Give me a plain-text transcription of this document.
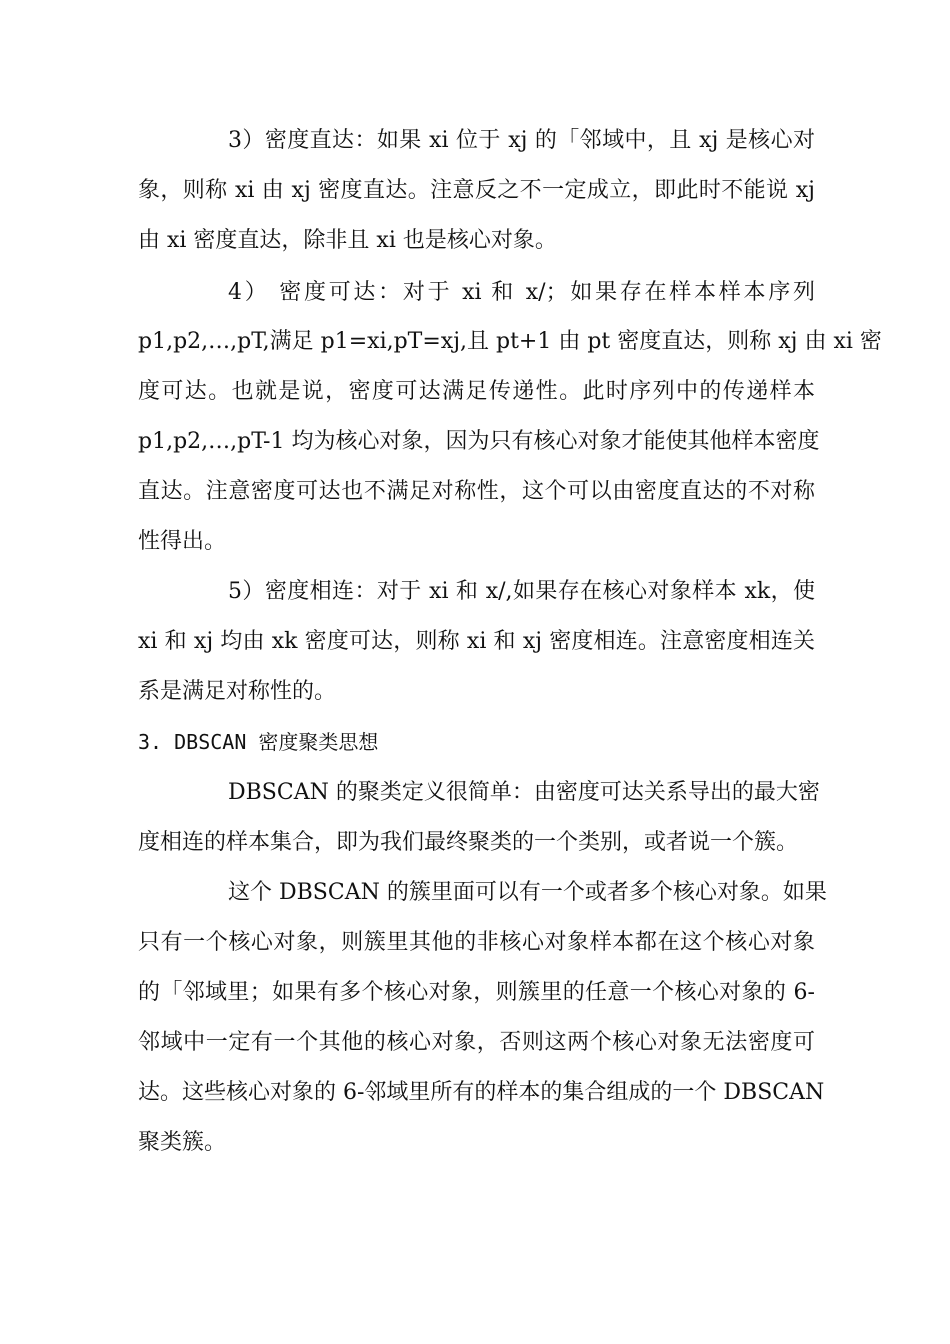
3）密度直达：如果 xi 位于 xj 的「邻域中，且 xj 是核心对
象，则称 xi 由 xj 密度直达。注意反之不一定成立，即此时不能说 xj
由 xi 密度直达，除非且 xi 也是核心对象。
4） 密度可达：对于 xi 和 x/；如果存在样本样本序列
p1,p2,…,pT,满足 p1=xi,pT=xj,且 pt+1 由 pt 密度直达，则称 xj 由 xi 密
度可达。也就是说，密度可达满足传递性。此时序列中的传递样本
p1,p2,…,pT-1 均为核心对象，因为只有核心对象才能使其他样本密度
直达。注意密度可达也不满足对称性，这个可以由密度直达的不对称
性得出。
5）密度相连：对于 xi 和 x/,如果存在核心对象样本 xk，使
xi 和 xj 均由 xk 密度可达，则称 xi 和 xj 密度相连。注意密度相连关
系是满足对称性的。
3. DBSCAN 密度聚类思想
DBSCAN 的聚类定义很简单：由密度可达关系导出的最大密
度相连的样本集合，即为我们最终聚类的一个类别，或者说一个簇。
这个 DBSCAN 的簇里面可以有一个或者多个核心对象。如果
只有一个核心对象，则簇里其他的非核心对象样本都在这个核心对象
的「邻域里；如果有多个核心对象，则簇里的任意一个核心对象的 6-
邻域中一定有一个其他的核心对象，否则这两个核心对象无法密度可
达。这些核心对象的 6-邻域里所有的样本的集合组成的一个 DBSCAN
聚类簇。
